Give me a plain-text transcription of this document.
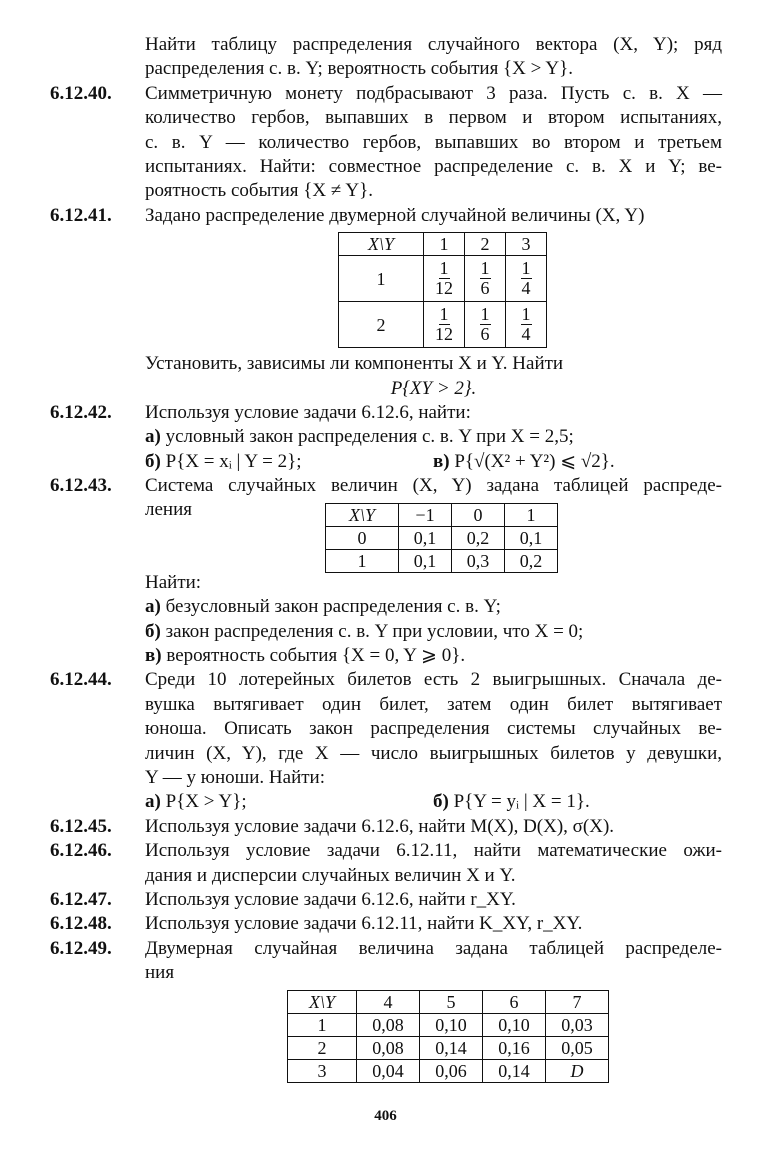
Найти таблицу распределения случайного вектора (X, Y); ряд
распределения с. в. Y; вероятность события {X > Y}.
6.12.40. Симметричную монету подбрасывают 3 раза. Пусть с. в. X —
количество гербов, выпавших в первом и втором испытаниях,
с. в. Y — количество гербов, выпавших во втором и третьем
испытаниях. Найти: совместное распределение с. в. X и Y; ве-
роятность события {X ≠ Y}.
6.12.41. Задано распределение двумерной случайной величины (X, Y)
X\Y	1	2	3
1	$\frac{1}{12}$	$\frac{1}{6}$	$\frac{1}{4}$

2	$\frac{1}{12}$	$\frac{1}{6}$	$\frac{1}{4}$
Установить, зависимы ли компоненты X и Y. Найти
P{XY > 2}.
6.12.42. Используя условие задачи 6.12.6, найти:
а) условный закон распределения с. в. Y при X = 2,5;
б) P{X = xᵢ | Y = 2};	в) P{√(X² + Y²) ⩽ √2}.
6.12.43. Система случайных величин (X, Y) задана таблицей распреде-
ления	X\Y	−1	0	1
0	0,1	0,2	0,1
1	0,1	0,3	0,2
Найти:
а) безусловный закон распределения с. в. Y;
б) закон распределения с. в. Y при условии, что X = 0;
в) вероятность события {X = 0, Y ⩾ 0}.
6.12.44. Среди 10 лотерейных билетов есть 2 выигрышных. Сначала де-
вушка вытягивает один билет, затем один билет вытягивает
юноша. Описать закон распределения системы случайных ве-
личин (X, Y), где X — число выигрышных билетов у девушки,
Y — у юноши. Найти:
а) P{X > Y};	б) P{Y = yᵢ | X = 1}.
6.12.45. Используя условие задачи 6.12.6, найти M(X), D(X), σ(X).
6.12.46. Используя условие задачи 6.12.11, найти математические ожи-
дания и дисперсии случайных величин X и Y.
6.12.47. Используя условие задачи 6.12.6, найти r_XY.
6.12.48. Используя условие задачи 6.12.11, найти K_XY, r_XY.
6.12.49. Двумерная случайная величина задана таблицей распределе-
ния
X\Y	4	5	6	7
1	0,08	0,10	0,10	0,03
2	0,08	0,14	0,16	0,05
3	0,04	0,06	0,14	D
406
